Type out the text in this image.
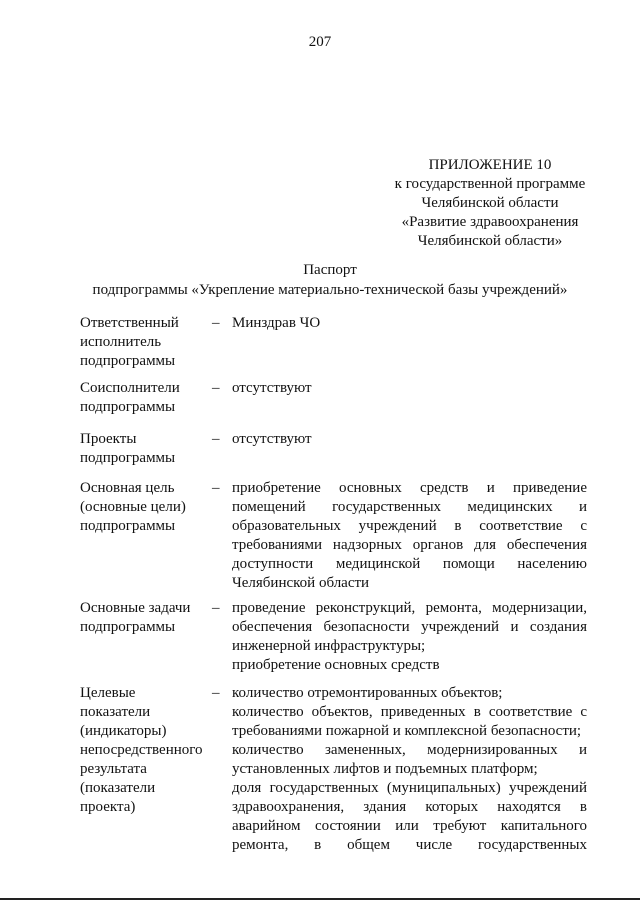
207
ПРИЛОЖЕНИЕ 10
к государственной программе
Челябинской области
«Развитие здравоохранения
Челябинской области»
Паспорт
подпрограммы «Укрепление материально-технической базы учреждений»
Ответственный
исполнитель
подпрограммы
– Минздрав ЧО
Соисполнители
подпрограммы
– отсутствуют
Проекты
подпрограммы
– отсутствуют
Основная цель
(основные цели)
подпрограммы
– приобретение основных средств и приведение
помещений государственных медицинских и
образовательных учреждений в соответствие с
требованиями надзорных органов для обеспечения
доступности медицинской помощи населению
Челябинской области
Основные задачи
подпрограммы
– проведение реконструкций, ремонта, модернизации,
обеспечения безопасности учреждений и создания
инженерной инфраструктуры;
приобретение основных средств
Целевые
показатели
(индикаторы)
непосредственного
результата
(показатели
проекта)
– количество отремонтированных объектов;
количество объектов, приведенных в соответствие с
требованиями пожарной и комплексной безопасности;
количество замененных, модернизированных и
установленных лифтов и подъемных платформ;
доля государственных (муниципальных) учреждений
здравоохранения, здания которых находятся в
аварийном состоянии или требуют капитального
ремонта, в общем числе государственных
